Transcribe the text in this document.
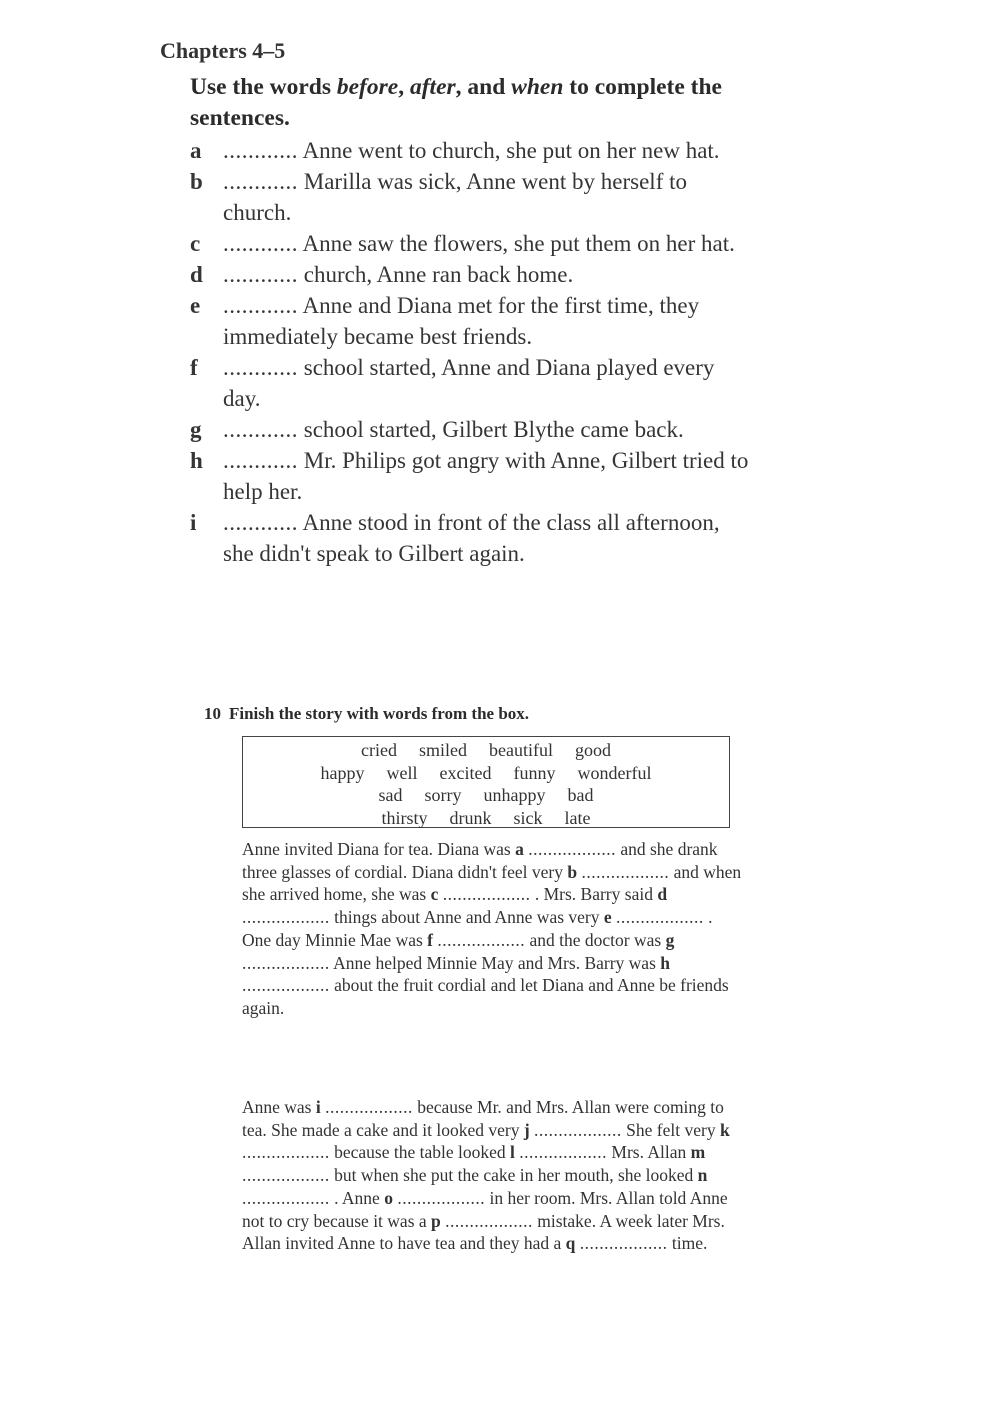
Chapters 4–5
Use the words before, after, and when to complete the sentences.
a ............ Anne went to church, she put on her new hat.
b ............ Marilla was sick, Anne went by herself to church.
c ............ Anne saw the flowers, she put them on her hat.
d ............ church, Anne ran back home.
e ............ Anne and Diana met for the first time, they immediately became best friends.
f ............ school started, Anne and Diana played every day.
g ............ school started, Gilbert Blythe came back.
h ............ Mr. Philips got angry with Anne, Gilbert tried to help her.
i ............ Anne stood in front of the class all afternoon, she didn't speak to Gilbert again.
10 Finish the story with words from the box.
cried smiled beautiful good
happy well excited funny wonderful
sad sorry unhappy bad
thirsty drunk sick late
Anne invited Diana for tea. Diana was a .................. and she drank three glasses of cordial. Diana didn't feel very b .................. and when she arrived home, she was c .................. . Mrs. Barry said d .................. things about Anne and Anne was very e .................. . One day Minnie Mae was f .................. and the doctor was g .................. Anne helped Minnie May and Mrs. Barry was h .................. about the fruit cordial and let Diana and Anne be friends again.
Anne was i .................. because Mr. and Mrs. Allan were coming to tea. She made a cake and it looked very j .................. She felt very k .................. because the table looked l .................. Mrs. Allan m .................. but when she put the cake in her mouth, she looked n .................. . Anne o .................. in her room. Mrs. Allan told Anne not to cry because it was a p .................. mistake. A week later Mrs. Allan invited Anne to have tea and they had a q .................. time.
